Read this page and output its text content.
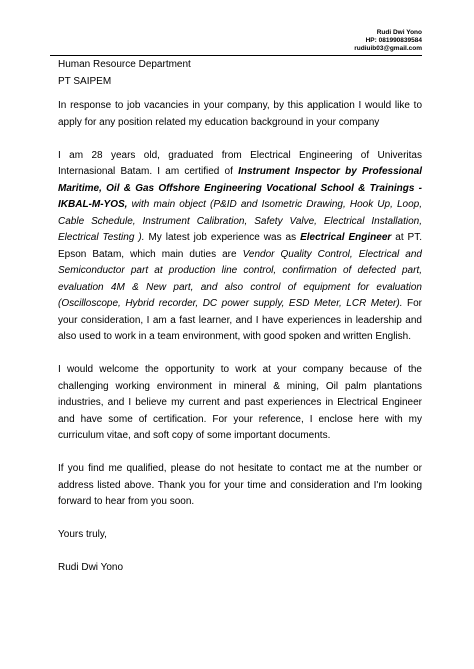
Rudi Dwi Yono
HP: 081990839584
rudiuib03@gmail.com

Human Resource Department

PT SAIPEM

In response to job vacancies in your company, by this application I would like to apply for any position related my education background in your company

I am 28 years old, graduated from Electrical Engineering of Univeritas Internasional Batam. I am certified of Instrument Inspector by Professional Maritime, Oil & Gas Offshore Engineering Vocational School & Trainings - IKBAL-M-YOS, with main object (P&ID and Isometric Drawing, Hook Up, Loop, Cable Schedule, Instrument Calibration, Safety Valve, Electrical Installation, Electrical Testing ). My latest job experience was as Electrical Engineer at PT. Epson Batam, which main duties are Vendor Quality Control, Electrical and Semiconductor part at production line control, confirmation of defected part, evaluation 4M & New part, and also control of equipment for evaluation (Oscilloscope, Hybrid recorder, DC power supply, ESD Meter, LCR Meter). For your consideration, I am a fast learner, and I have experiences in leadership and also used to work in a team environment, with good spoken and written English.

I would welcome the opportunity to work at your company because of the challenging working environment in mineral & mining, Oil palm plantations industries, and I believe my current and past experiences in Electrical Engineer and have some of certification. For your reference, I enclose here with my curriculum vitae, and soft copy of some important documents.

If you find me qualified, please do not hesitate to contact me at the number or address listed above. Thank you for your time and consideration and I'm looking forward to hear from you soon.

Yours truly,

Rudi Dwi Yono
